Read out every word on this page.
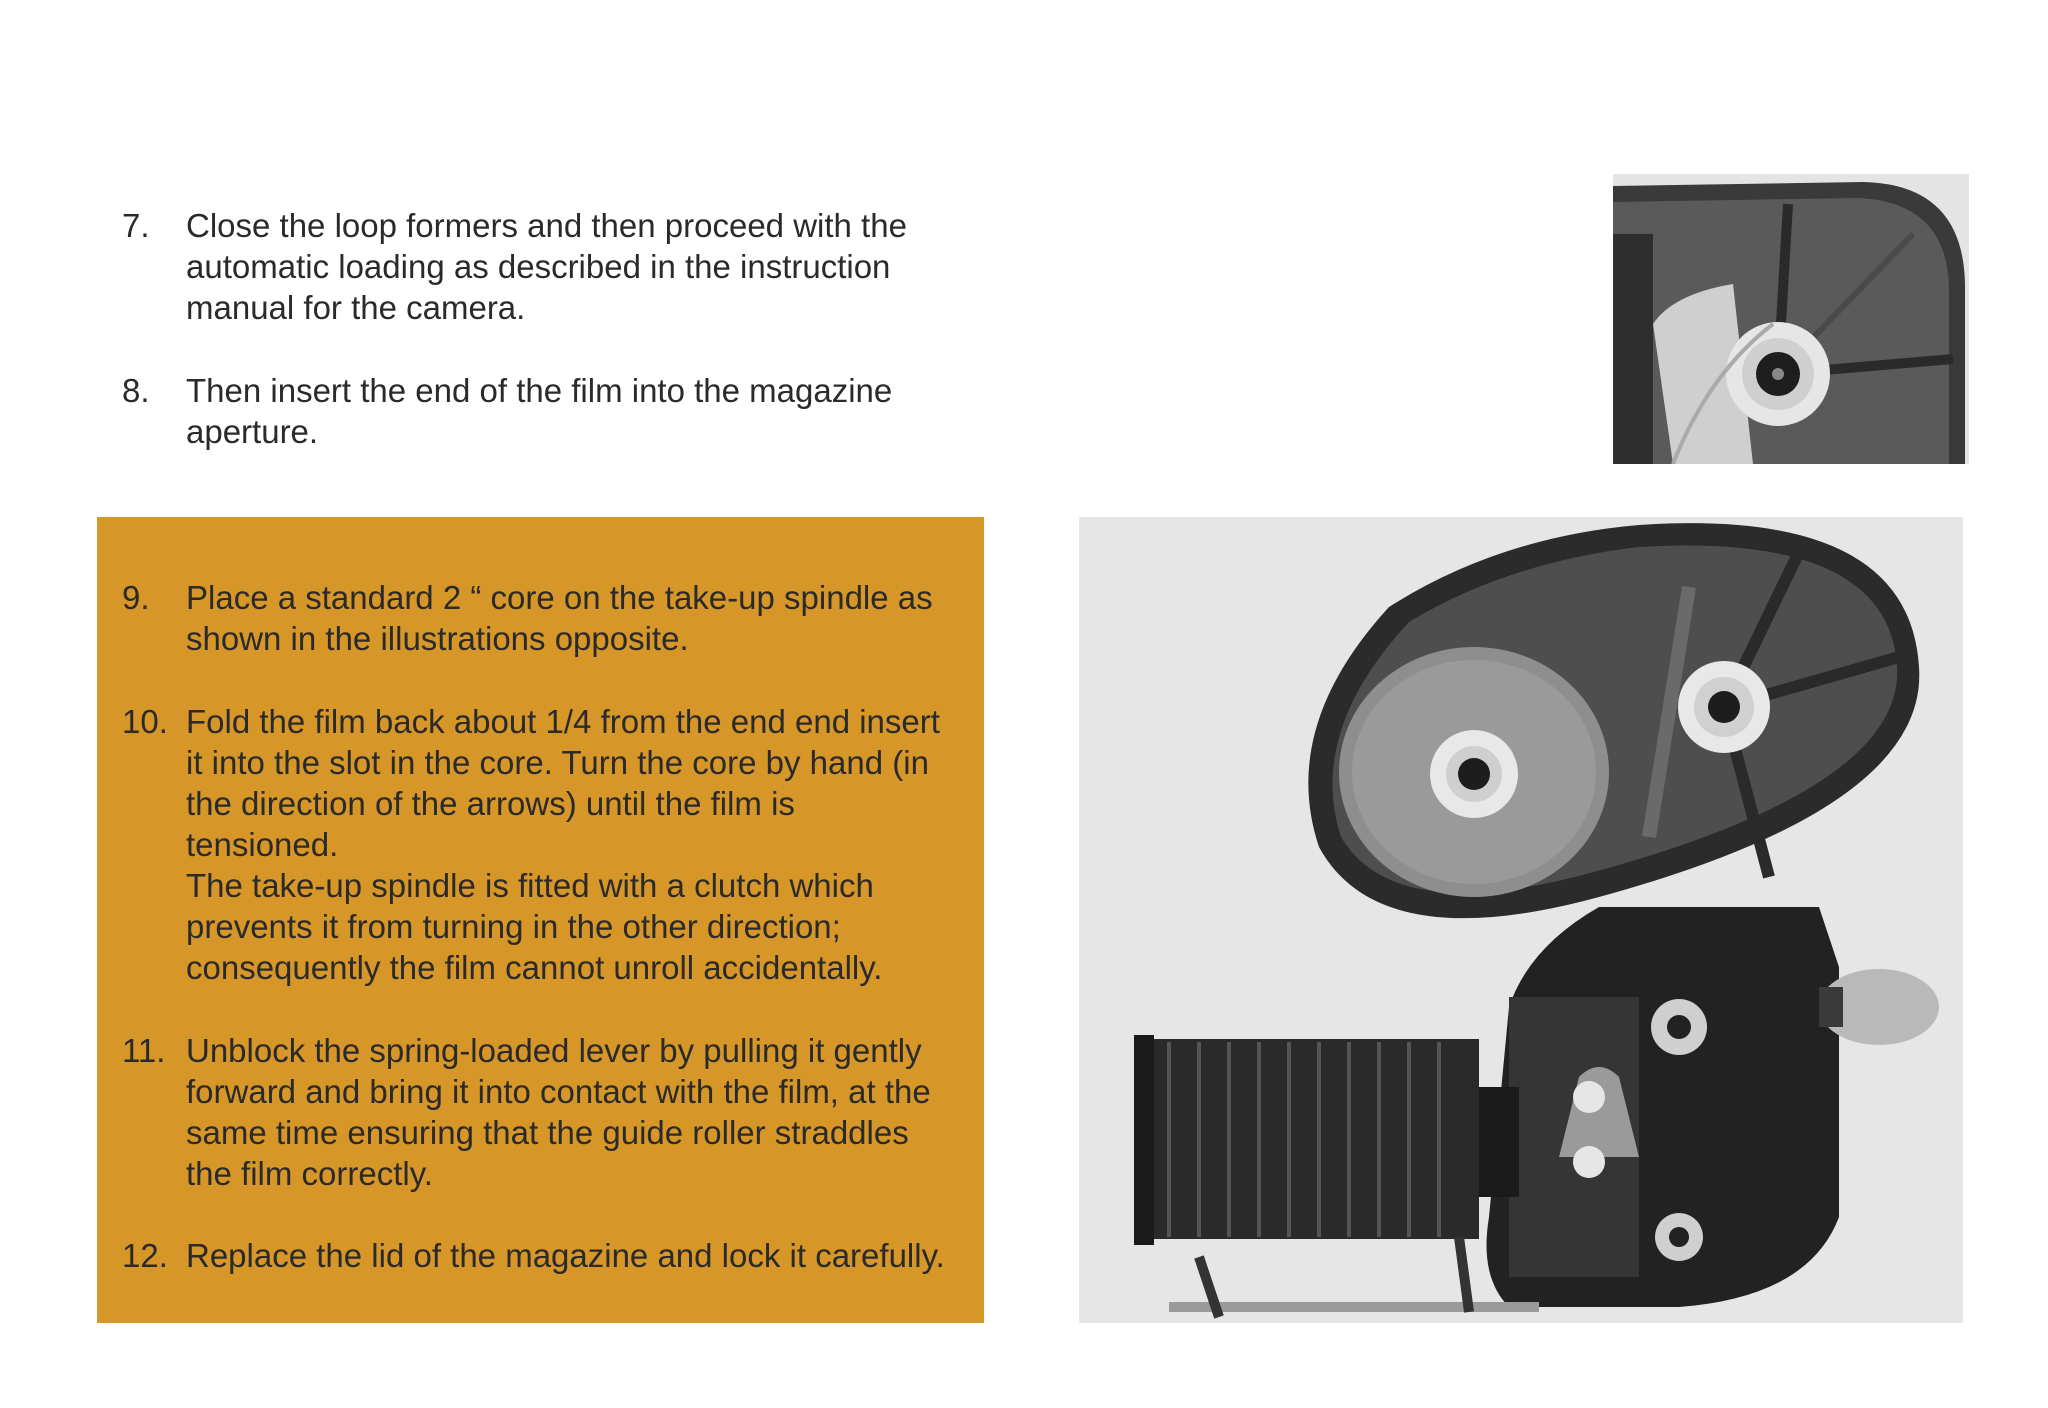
7.	Close the loop formers and then proceed with the
automatic loading as described in the instruction
manual for the camera.
8.	Then insert the end of the film into the magazine
aperture.
9.	Place a standard 2 “ core on the take-up spindle as
shown in the illustrations opposite.
10. Fold the film back about 1/4 from the end end insert
it into the slot in the core. Turn the core by hand (in
the direction of the arrows) until the film is
tensioned.
The take-up spindle is fitted with a clutch which
prevents it from turning in the other direction;
consequently the film cannot unroll accidentally.
11. Unblock the spring-loaded lever by pulling it gently
forward and bring it into contact with the film, at the
same time ensuring that the guide roller straddles
the film correctly.
12. Replace the lid of the magazine and lock it carefully.
